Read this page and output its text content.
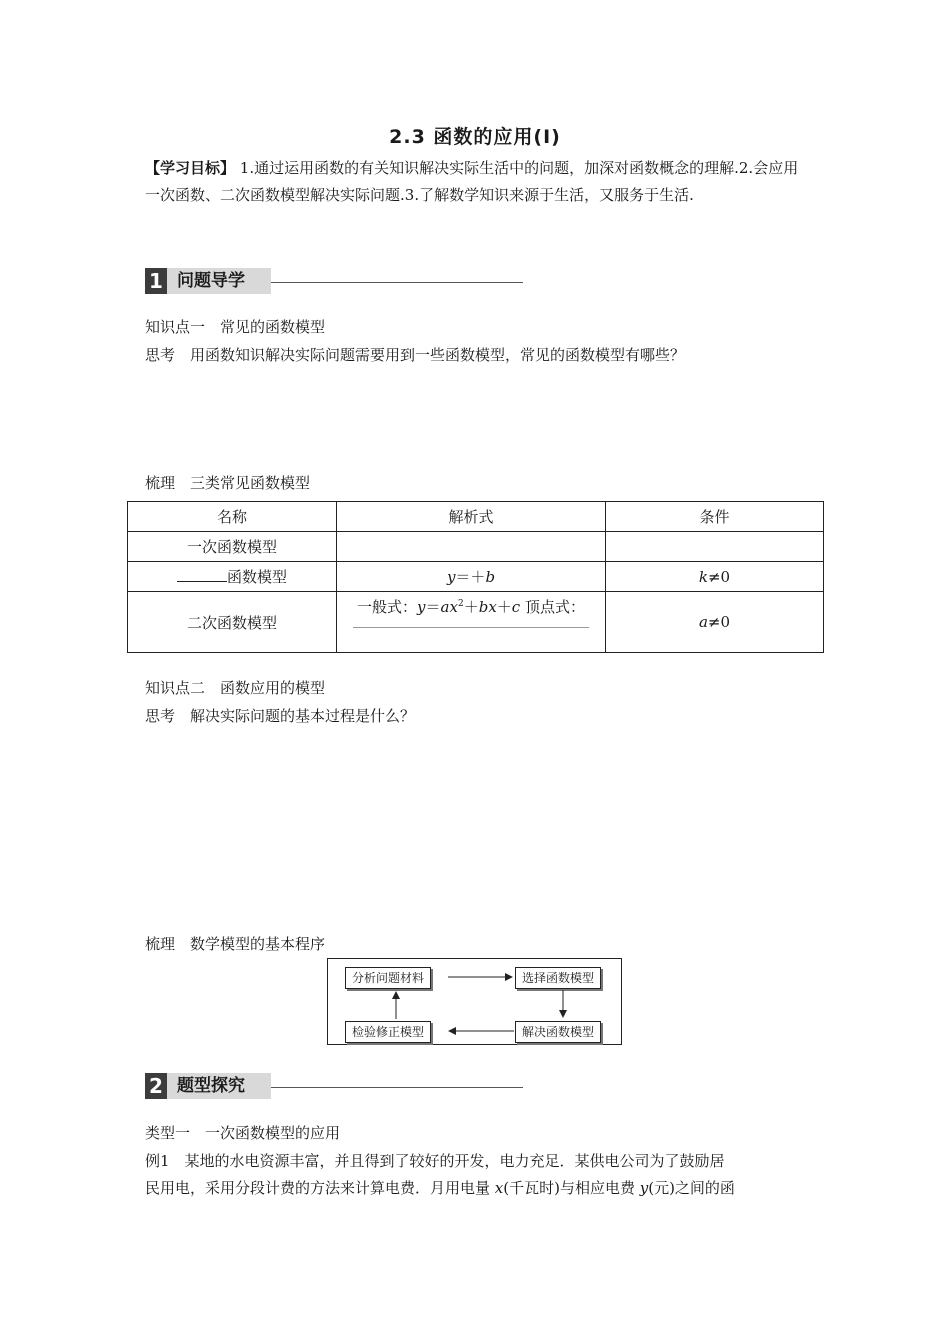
2.3 函数的应用(Ⅰ)
【学习目标】 1.通过运用函数的有关知识解决实际生活中的问题，加深对函数概念的理解.2.会应用一次函数、二次函数模型解决实际问题.3.了解数学知识来源于生活，又服务于生活.
1 问题导学
知识点一　常见的函数模型
思考　用函数知识解决实际问题需要用到一些函数模型，常见的函数模型有哪些？
梳理　三类常见函数模型
名称	解析式	条件
一次函数模型		
函数模型	y＝＋b	k≠0
二次函数模型	一般式：$y=ax^2+bx+c$ 顶点式：	a≠0
知识点二　函数应用的模型
思考　解决实际问题的基本过程是什么？
梳理　数学模型的基本程序
分析问题材料	选择函数模型
解决函数模型
检验修正模型
2 题型探究
类型一　一次函数模型的应用
例1　某地的水电资源丰富，并且得到了较好的开发，电力充足．某供电公司为了鼓励居
民用电，采用分段计费的方法来计算电费．月用电量 x(千瓦时)与相应电费 y(元)之间的函
